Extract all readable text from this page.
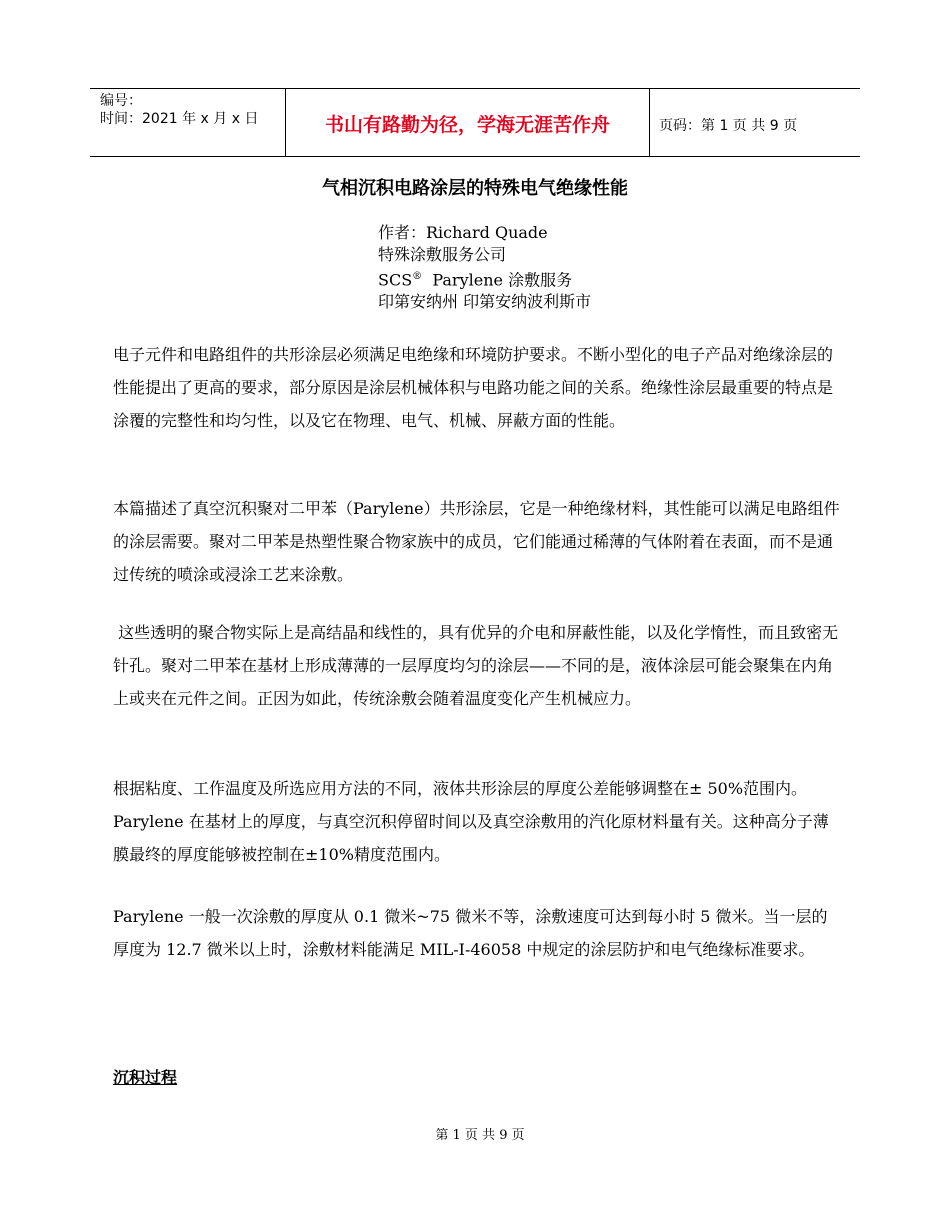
编号：
时间：2021 年 x 月 x 日	书山有路勤为径，学海无涯苦作舟	页码：第 1 页 共 9 页
气相沉积电路涂层的特殊电气绝缘性能
作者：Richard Quade
特殊涂敷服务公司
SCS®  Parylene 涂敷服务
印第安纳州 印第安纳波利斯市

电子元件和电路组件的共形涂层必须满足电绝缘和环境防护要求。不断小型化的电子产品对绝缘涂层的性能提出了更高的要求，部分原因是涂层机械体积与电路功能之间的关系。绝缘性涂层最重要的特点是涂覆的完整性和均匀性，以及它在物理、电气、机械、屏蔽方面的性能。

本篇描述了真空沉积聚对二甲苯（Parylene）共形涂层，它是一种绝缘材料，其性能可以满足电路组件的涂层需要。聚对二甲苯是热塑性聚合物家族中的成员，它们能通过稀薄的气体附着在表面，而不是通过传统的喷涂或浸涂工艺来涂敷。

这些透明的聚合物实际上是高结晶和线性的，具有优异的介电和屏蔽性能，以及化学惰性，而且致密无针孔。聚对二甲苯在基材上形成薄薄的一层厚度均匀的涂层——不同的是，液体涂层可能会聚集在内角上或夹在元件之间。正因为如此，传统涂敷会随着温度变化产生机械应力。

根据粘度、工作温度及所选应用方法的不同，液体共形涂层的厚度公差能够调整在± 50%范围内。Parylene 在基材上的厚度，与真空沉积停留时间以及真空涂敷用的汽化原材料量有关。这种高分子薄膜最终的厚度能够被控制在±10%精度范围内。

Parylene 一般一次涂敷的厚度从 0.1 微米~75 微米不等，涂敷速度可达到每小时 5 微米。当一层的厚度为 12.7 微米以上时，涂敷材料能满足 MIL-I-46058 中规定的涂层防护和电气绝缘标准要求。

沉积过程
第 1 页 共 9 页
